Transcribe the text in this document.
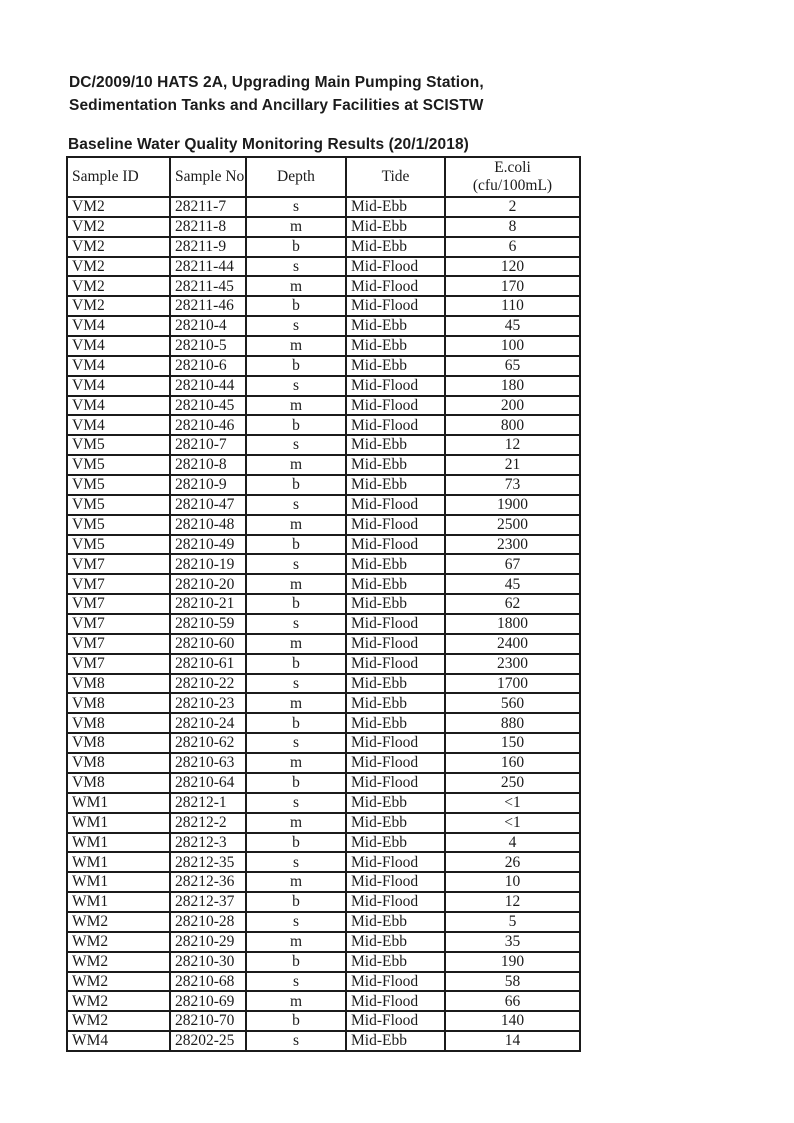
DC/2009/10 HATS 2A, Upgrading Main Pumping Station,
Sedimentation Tanks and Ancillary Facilities at SCISTW
Baseline Water Quality Monitoring Results (20/1/2018)
Sample ID	Sample No	Depth	Tide	E.coli
(cfu/100mL)

VM2	28211-7	s	Mid-Ebb	2
VM2	28211-8	m	Mid-Ebb	8
VM2	28211-9	b	Mid-Ebb	6
VM2	28211-44	s	Mid-Flood	120
VM2	28211-45	m	Mid-Flood	170
VM2	28211-46	b	Mid-Flood	110
VM4	28210-4	s	Mid-Ebb	45
VM4	28210-5	m	Mid-Ebb	100
VM4	28210-6	b	Mid-Ebb	65
VM4	28210-44	s	Mid-Flood	180
VM4	28210-45	m	Mid-Flood	200
VM4	28210-46	b	Mid-Flood	800
VM5	28210-7	s	Mid-Ebb	12
VM5	28210-8	m	Mid-Ebb	21
VM5	28210-9	b	Mid-Ebb	73
VM5	28210-47	s	Mid-Flood	1900
VM5	28210-48	m	Mid-Flood	2500
VM5	28210-49	b	Mid-Flood	2300
VM7	28210-19	s	Mid-Ebb	67
VM7	28210-20	m	Mid-Ebb	45
VM7	28210-21	b	Mid-Ebb	62
VM7	28210-59	s	Mid-Flood	1800
VM7	28210-60	m	Mid-Flood	2400
VM7	28210-61	b	Mid-Flood	2300
VM8	28210-22	s	Mid-Ebb	1700
VM8	28210-23	m	Mid-Ebb	560
VM8	28210-24	b	Mid-Ebb	880
VM8	28210-62	s	Mid-Flood	150
VM8	28210-63	m	Mid-Flood	160
VM8	28210-64	b	Mid-Flood	250
WM1	28212-1	s	Mid-Ebb	<1
WM1	28212-2	m	Mid-Ebb	<1
WM1	28212-3	b	Mid-Ebb	4
WM1	28212-35	s	Mid-Flood	26
WM1	28212-36	m	Mid-Flood	10
WM1	28212-37	b	Mid-Flood	12
WM2	28210-28	s	Mid-Ebb	5
WM2	28210-29	m	Mid-Ebb	35
WM2	28210-30	b	Mid-Ebb	190
WM2	28210-68	s	Mid-Flood	58
WM2	28210-69	m	Mid-Flood	66
WM2	28210-70	b	Mid-Flood	140
WM4	28202-25	s	Mid-Ebb	14
